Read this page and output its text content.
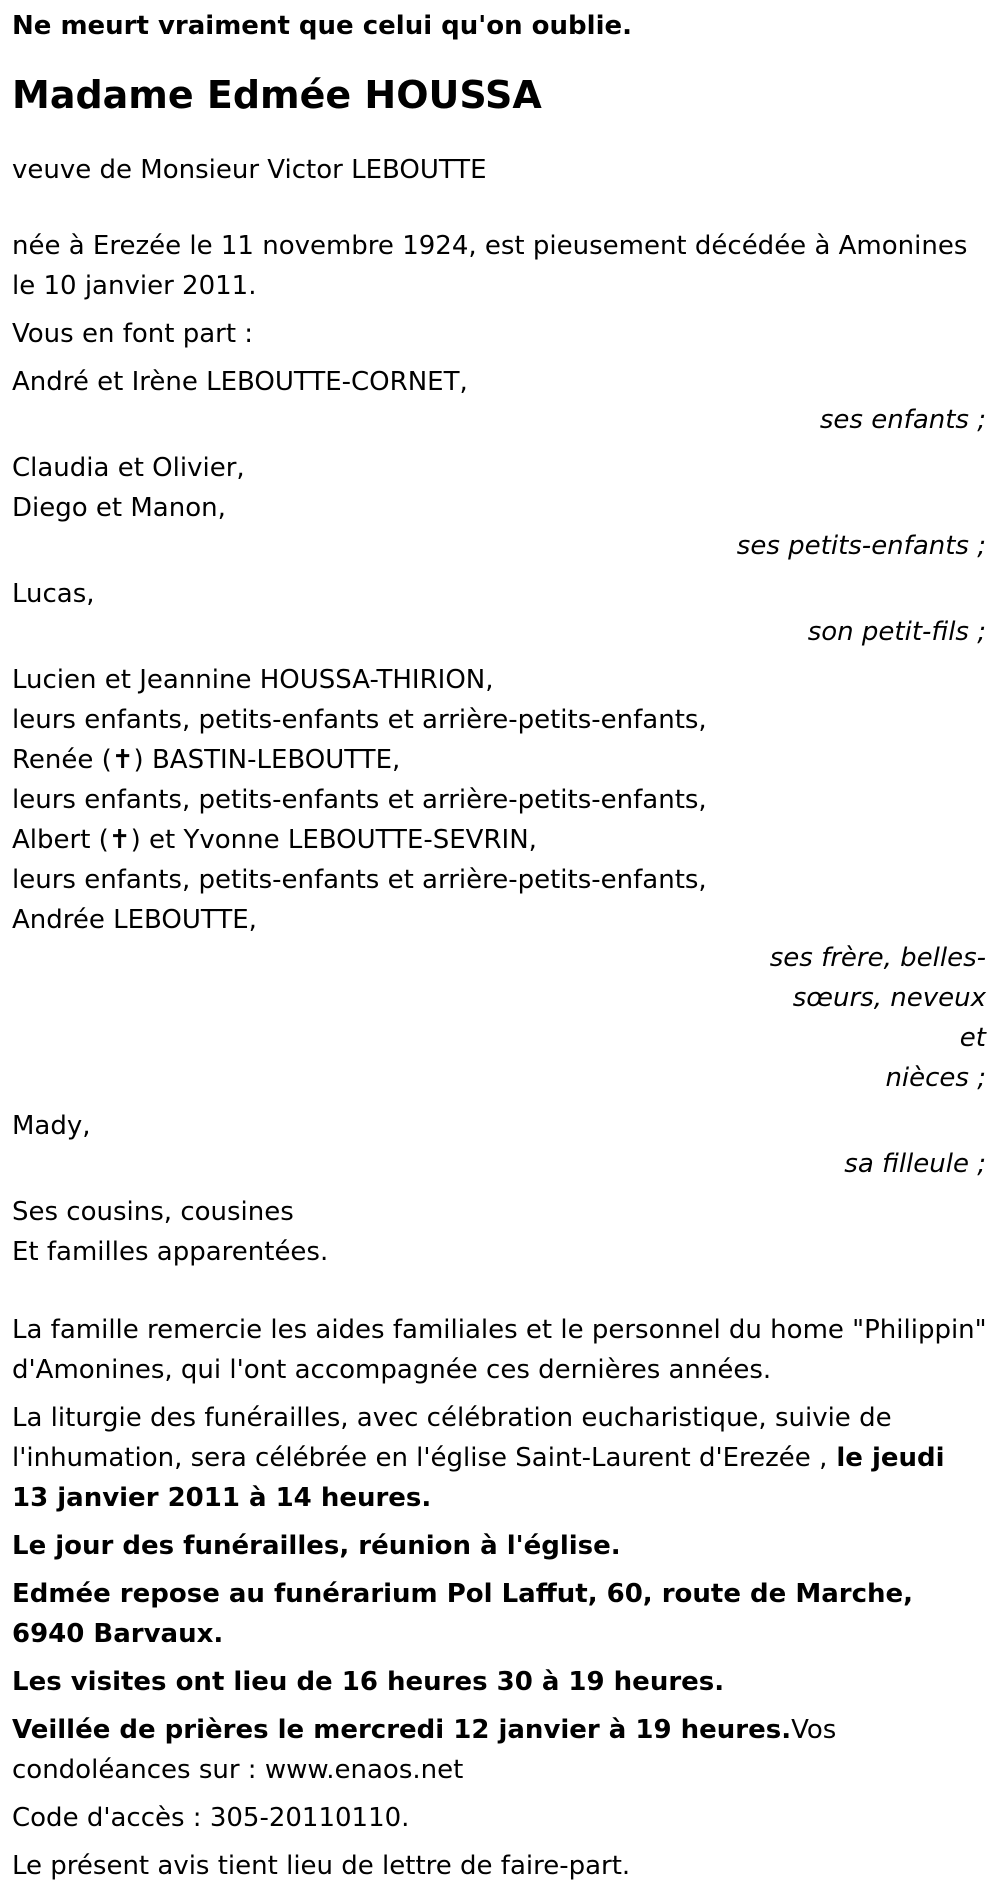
Ne meurt vraiment que celui qu'on oublie.
Madame Edmée HOUSSA

veuve de Monsieur Victor LEBOUTTE

née à Erezée le 11 novembre 1924, est pieusement décédée à Amonines
le 10 janvier 2011.

Vous en font part :

André et Irène LEBOUTTE-CORNET,
ses enfants ;
Claudia et Olivier,
Diego et Manon,
ses petits-enfants ;
Lucas,
son petit-fils ;
Lucien et Jeannine HOUSSA-THIRION,
leurs enfants, petits-enfants et arrière-petits-enfants,
Renée (✝) BASTIN-LEBOUTTE,
leurs enfants, petits-enfants et arrière-petits-enfants,
Albert (✝) et Yvonne LEBOUTTE-SEVRIN,
leurs enfants, petits-enfants et arrière-petits-enfants,
Andrée LEBOUTTE,
ses frère, belles-
sœurs, neveux et
nièces ;
Mady,
sa filleule ;
Ses cousins, cousines
Et familles apparentées.

La famille remercie les aides familiales et le personnel du home "Philippin" d'Amonines, qui l'ont accompagnée ces dernières années.

La liturgie des funérailles, avec célébration eucharistique, suivie de l'inhumation, sera célébrée en l'église Saint-Laurent d'Erezée , le jeudi 13 janvier 2011 à 14 heures.

Le jour des funérailles, réunion à l'église.

Edmée repose au funérarium Pol Laffut, 60, route de Marche, 6940 Barvaux.

Les visites ont lieu de 16 heures 30 à 19 heures.

Veillée de prières le mercredi 12 janvier à 19 heures.Vos condoléances sur : www.enaos.net

Code d'accès : 305-20110110.

Le présent avis tient lieu de lettre de faire-part.
